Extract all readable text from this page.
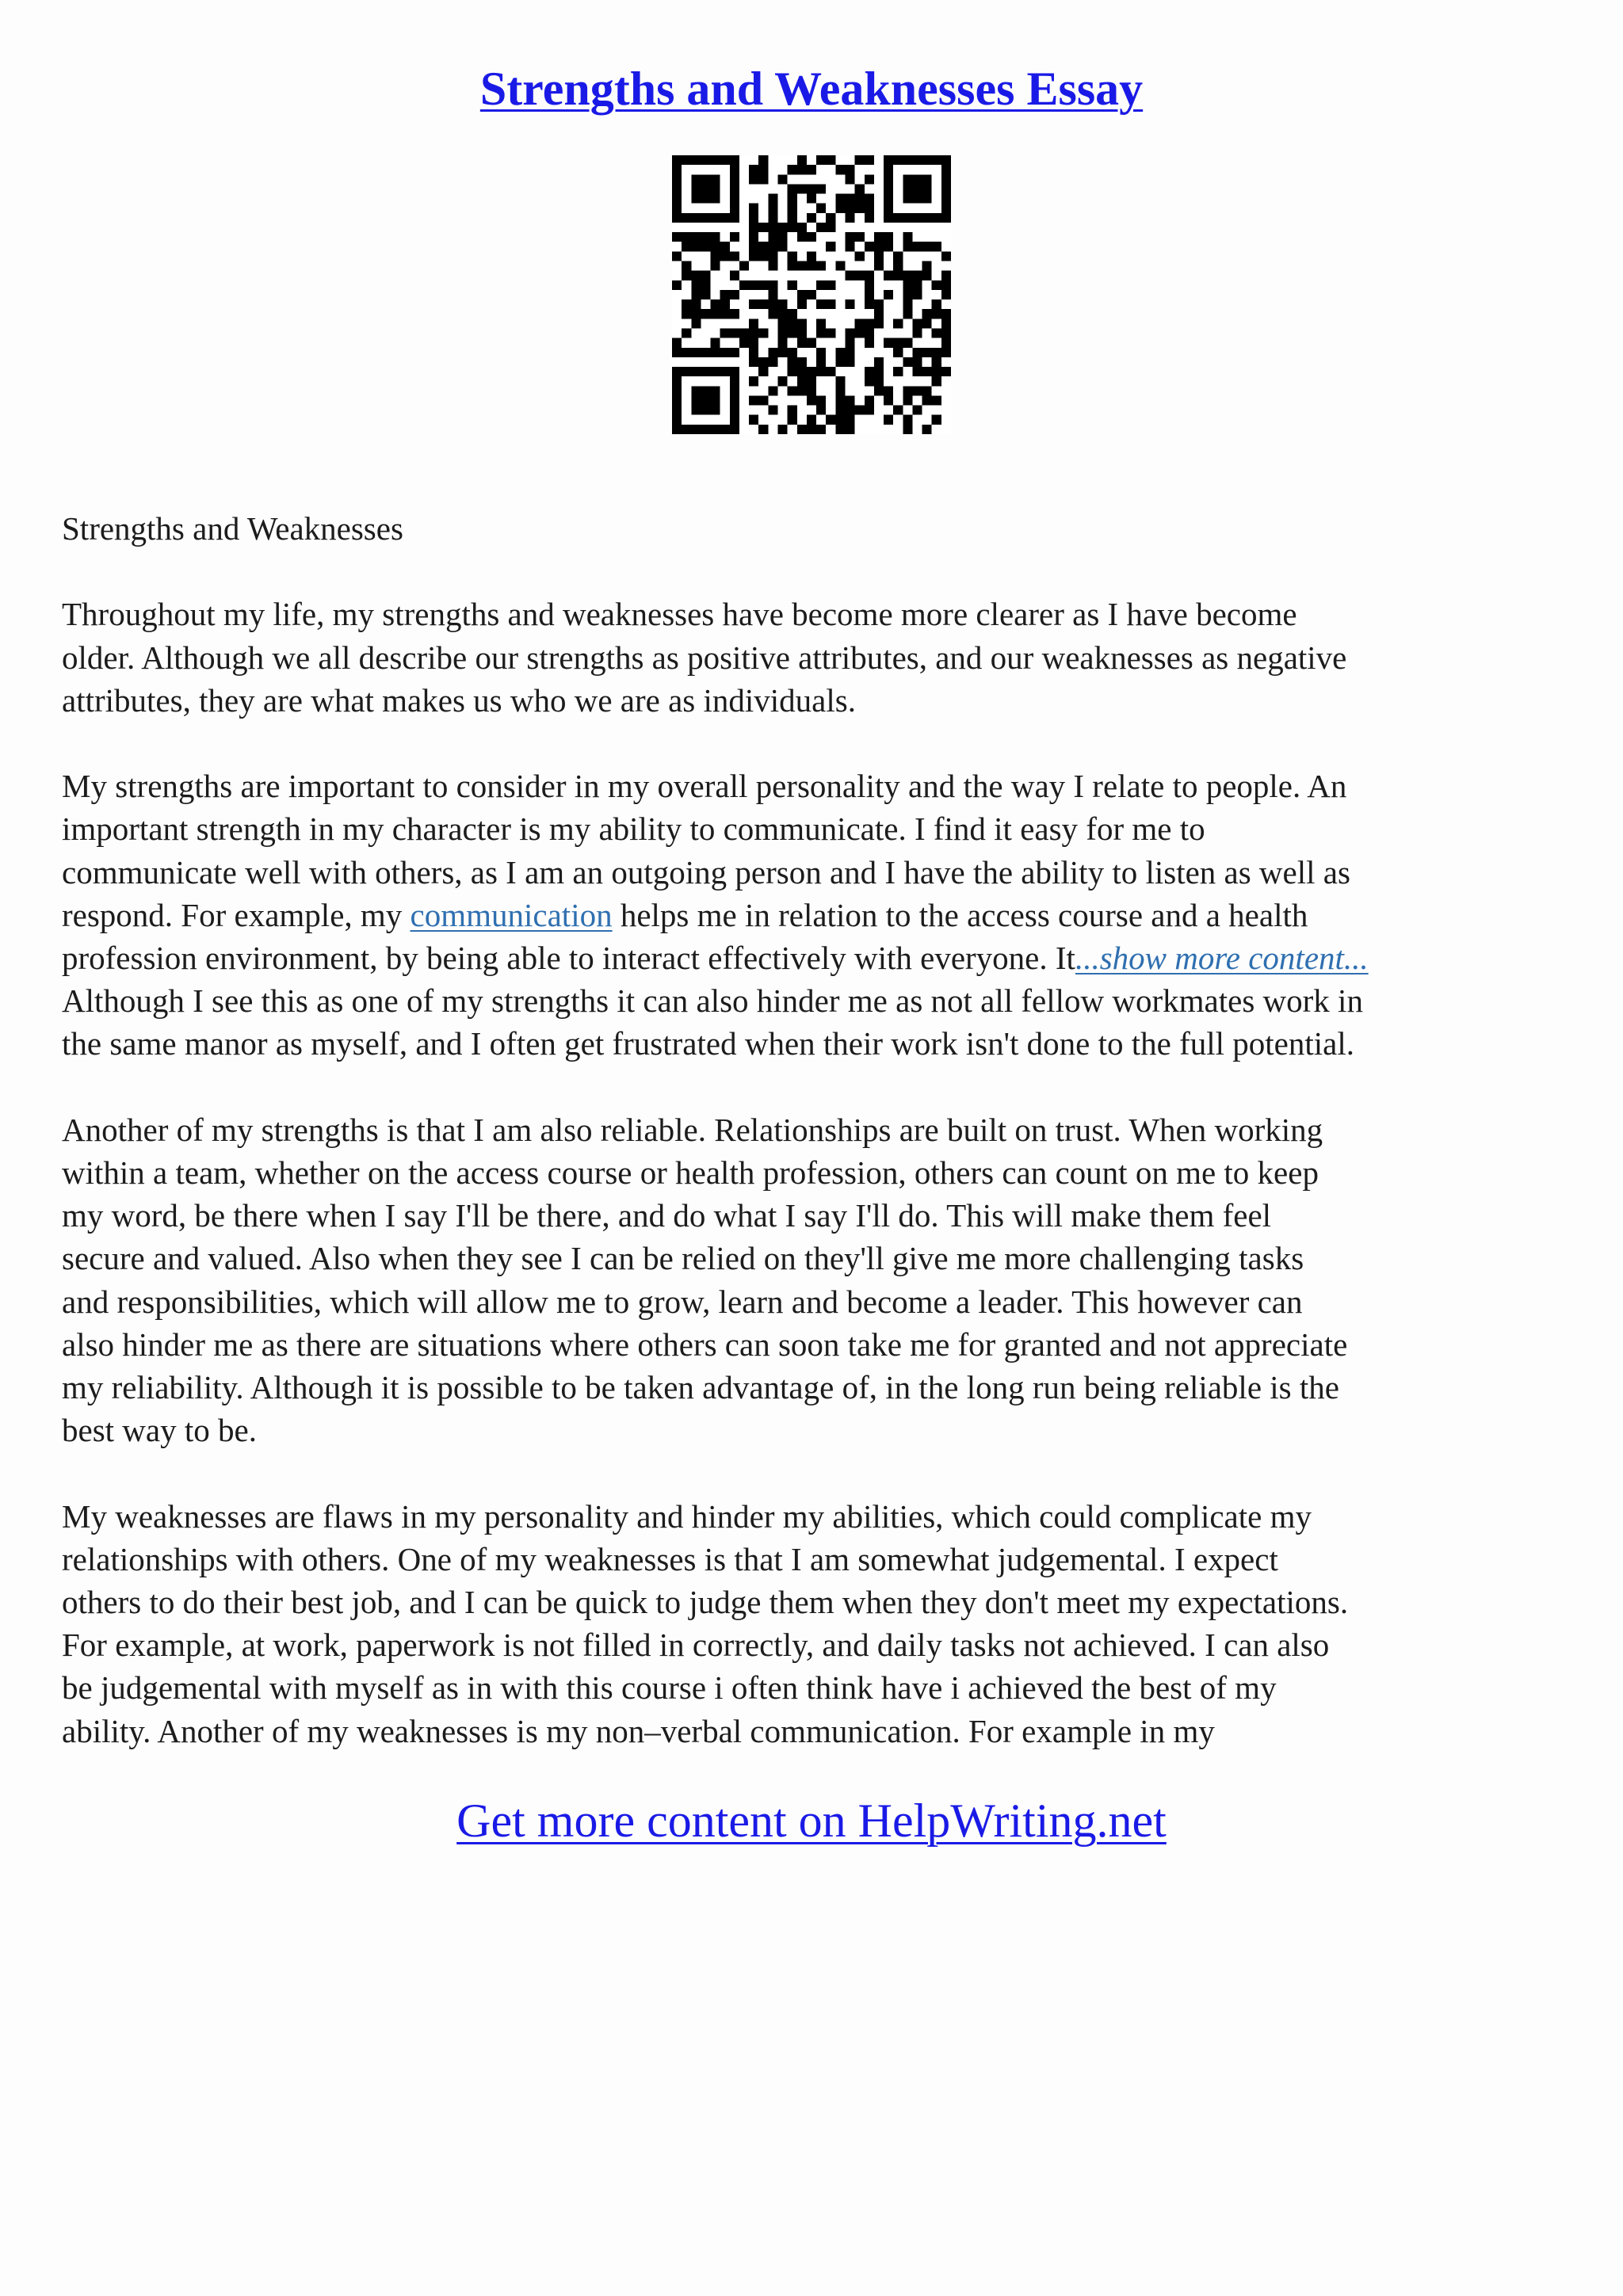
Strengths and Weaknesses Essay

Strengths and Weaknesses

Throughout my life, my strengths and weaknesses have become more clearer as I have become
older. Although we all describe our strengths as positive attributes, and our weaknesses as negative
attributes, they are what makes us who we are as individuals.

My strengths are important to consider in my overall personality and the way I relate to people. An
important strength in my character is my ability to communicate. I find it easy for me to
communicate well with others, as I am an outgoing person and I have the ability to listen as well as
respond. For example, my communication helps me in relation to the access course and a health
profession environment, by being able to interact effectively with everyone. It...show more content...
Although I see this as one of my strengths it can also hinder me as not all fellow workmates work in
the same manor as myself, and I often get frustrated when their work isn't done to the full potential.

Another of my strengths is that I am also reliable. Relationships are built on trust. When working
within a team, whether on the access course or health profession, others can count on me to keep
my word, be there when I say I'll be there, and do what I say I'll do. This will make them feel
secure and valued. Also when they see I can be relied on they'll give me more challenging tasks
and responsibilities, which will allow me to grow, learn and become a leader. This however can
also hinder me as there are situations where others can soon take me for granted and not appreciate
my reliability. Although it is possible to be taken advantage of, in the long run being reliable is the
best way to be.

My weaknesses are flaws in my personality and hinder my abilities, which could complicate my
relationships with others. One of my weaknesses is that I am somewhat judgemental. I expect
others to do their best job, and I can be quick to judge them when they don't meet my expectations.
For example, at work, paperwork is not filled in correctly, and daily tasks not achieved. I can also
be judgemental with myself as in with this course i often think have i achieved the best of my
ability. Another of my weaknesses is my non–verbal communication. For example in my

Get more content on HelpWriting.net
